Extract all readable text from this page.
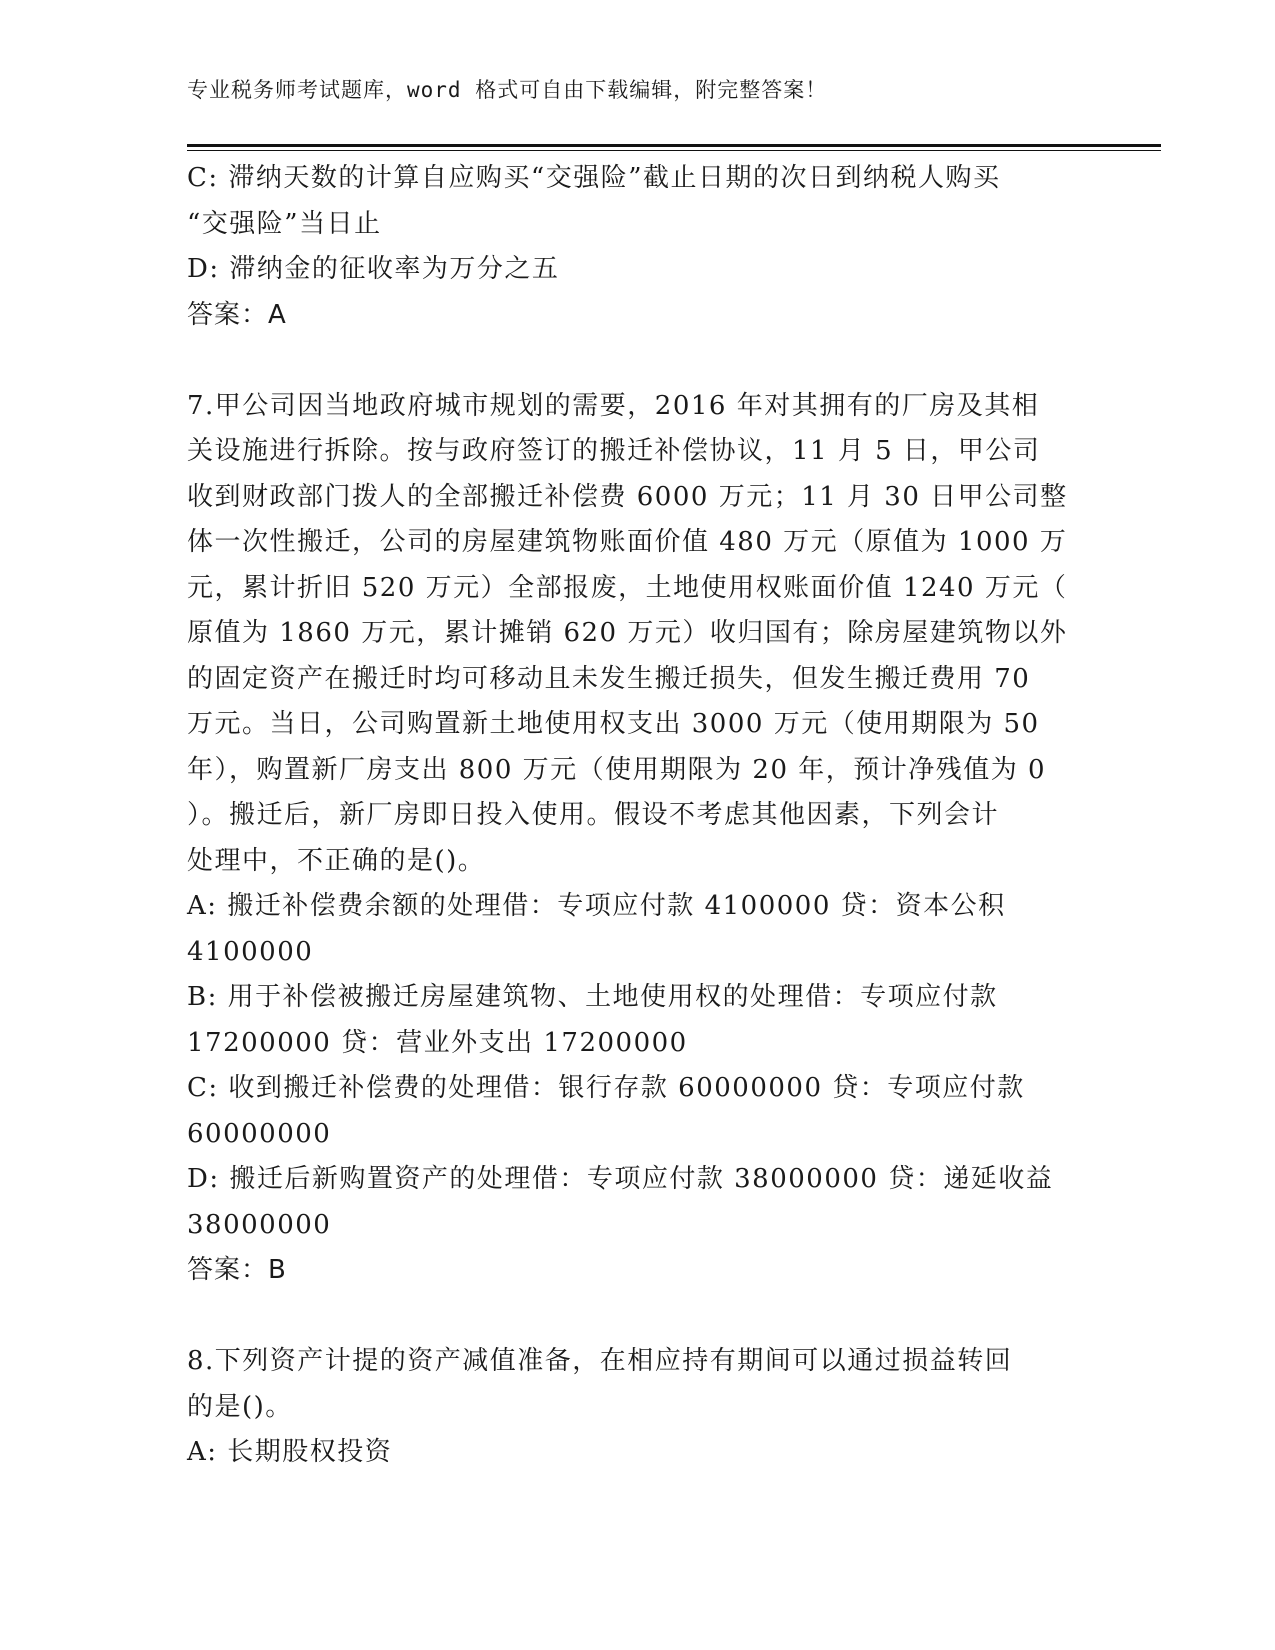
专业税务师考试题库，word 格式可自由下载编辑，附完整答案！
C: 滞纳天数的计算自应购买“交强险”截止日期的次日到纳税人购买
“交强险”当日止
D: 滞纳金的征收率为万分之五
答案：A
7.甲公司因当地政府城市规划的需要，2016 年对其拥有的厂房及其相
关设施进行拆除。按与政府签订的搬迁补偿协议，11 月 5 日，甲公司
收到财政部门拨人的全部搬迁补偿费 6000 万元；11 月 30 日甲公司整
体一次性搬迁，公司的房屋建筑物账面价值 480 万元（原值为 1000 万
元，累计折旧 520 万元）全部报废，土地使用权账面价值 1240 万元（
原值为 1860 万元，累计摊销 620 万元）收归国有；除房屋建筑物以外
的固定资产在搬迁时均可移动且未发生搬迁损失，但发生搬迁费用 70
万元。当日，公司购置新土地使用权支出 3000 万元（使用期限为 50
年），购置新厂房支出 800 万元（使用期限为 20 年，预计净残值为 0
）。搬迁后，新厂房即日投入使用。假设不考虑其他因素，下列会计
处理中，不正确的是()。
A: 搬迁补偿费余额的处理借：专项应付款 4100000 贷：资本公积
4100000
B: 用于补偿被搬迁房屋建筑物、土地使用权的处理借：专项应付款
17200000 贷：营业外支出 17200000
C: 收到搬迁补偿费的处理借：银行存款 60000000 贷：专项应付款
60000000
D: 搬迁后新购置资产的处理借：专项应付款 38000000 贷：递延收益
38000000
答案：B
8.下列资产计提的资产减值准备，在相应持有期间可以通过损益转回
的是()。
A: 长期股权投资
